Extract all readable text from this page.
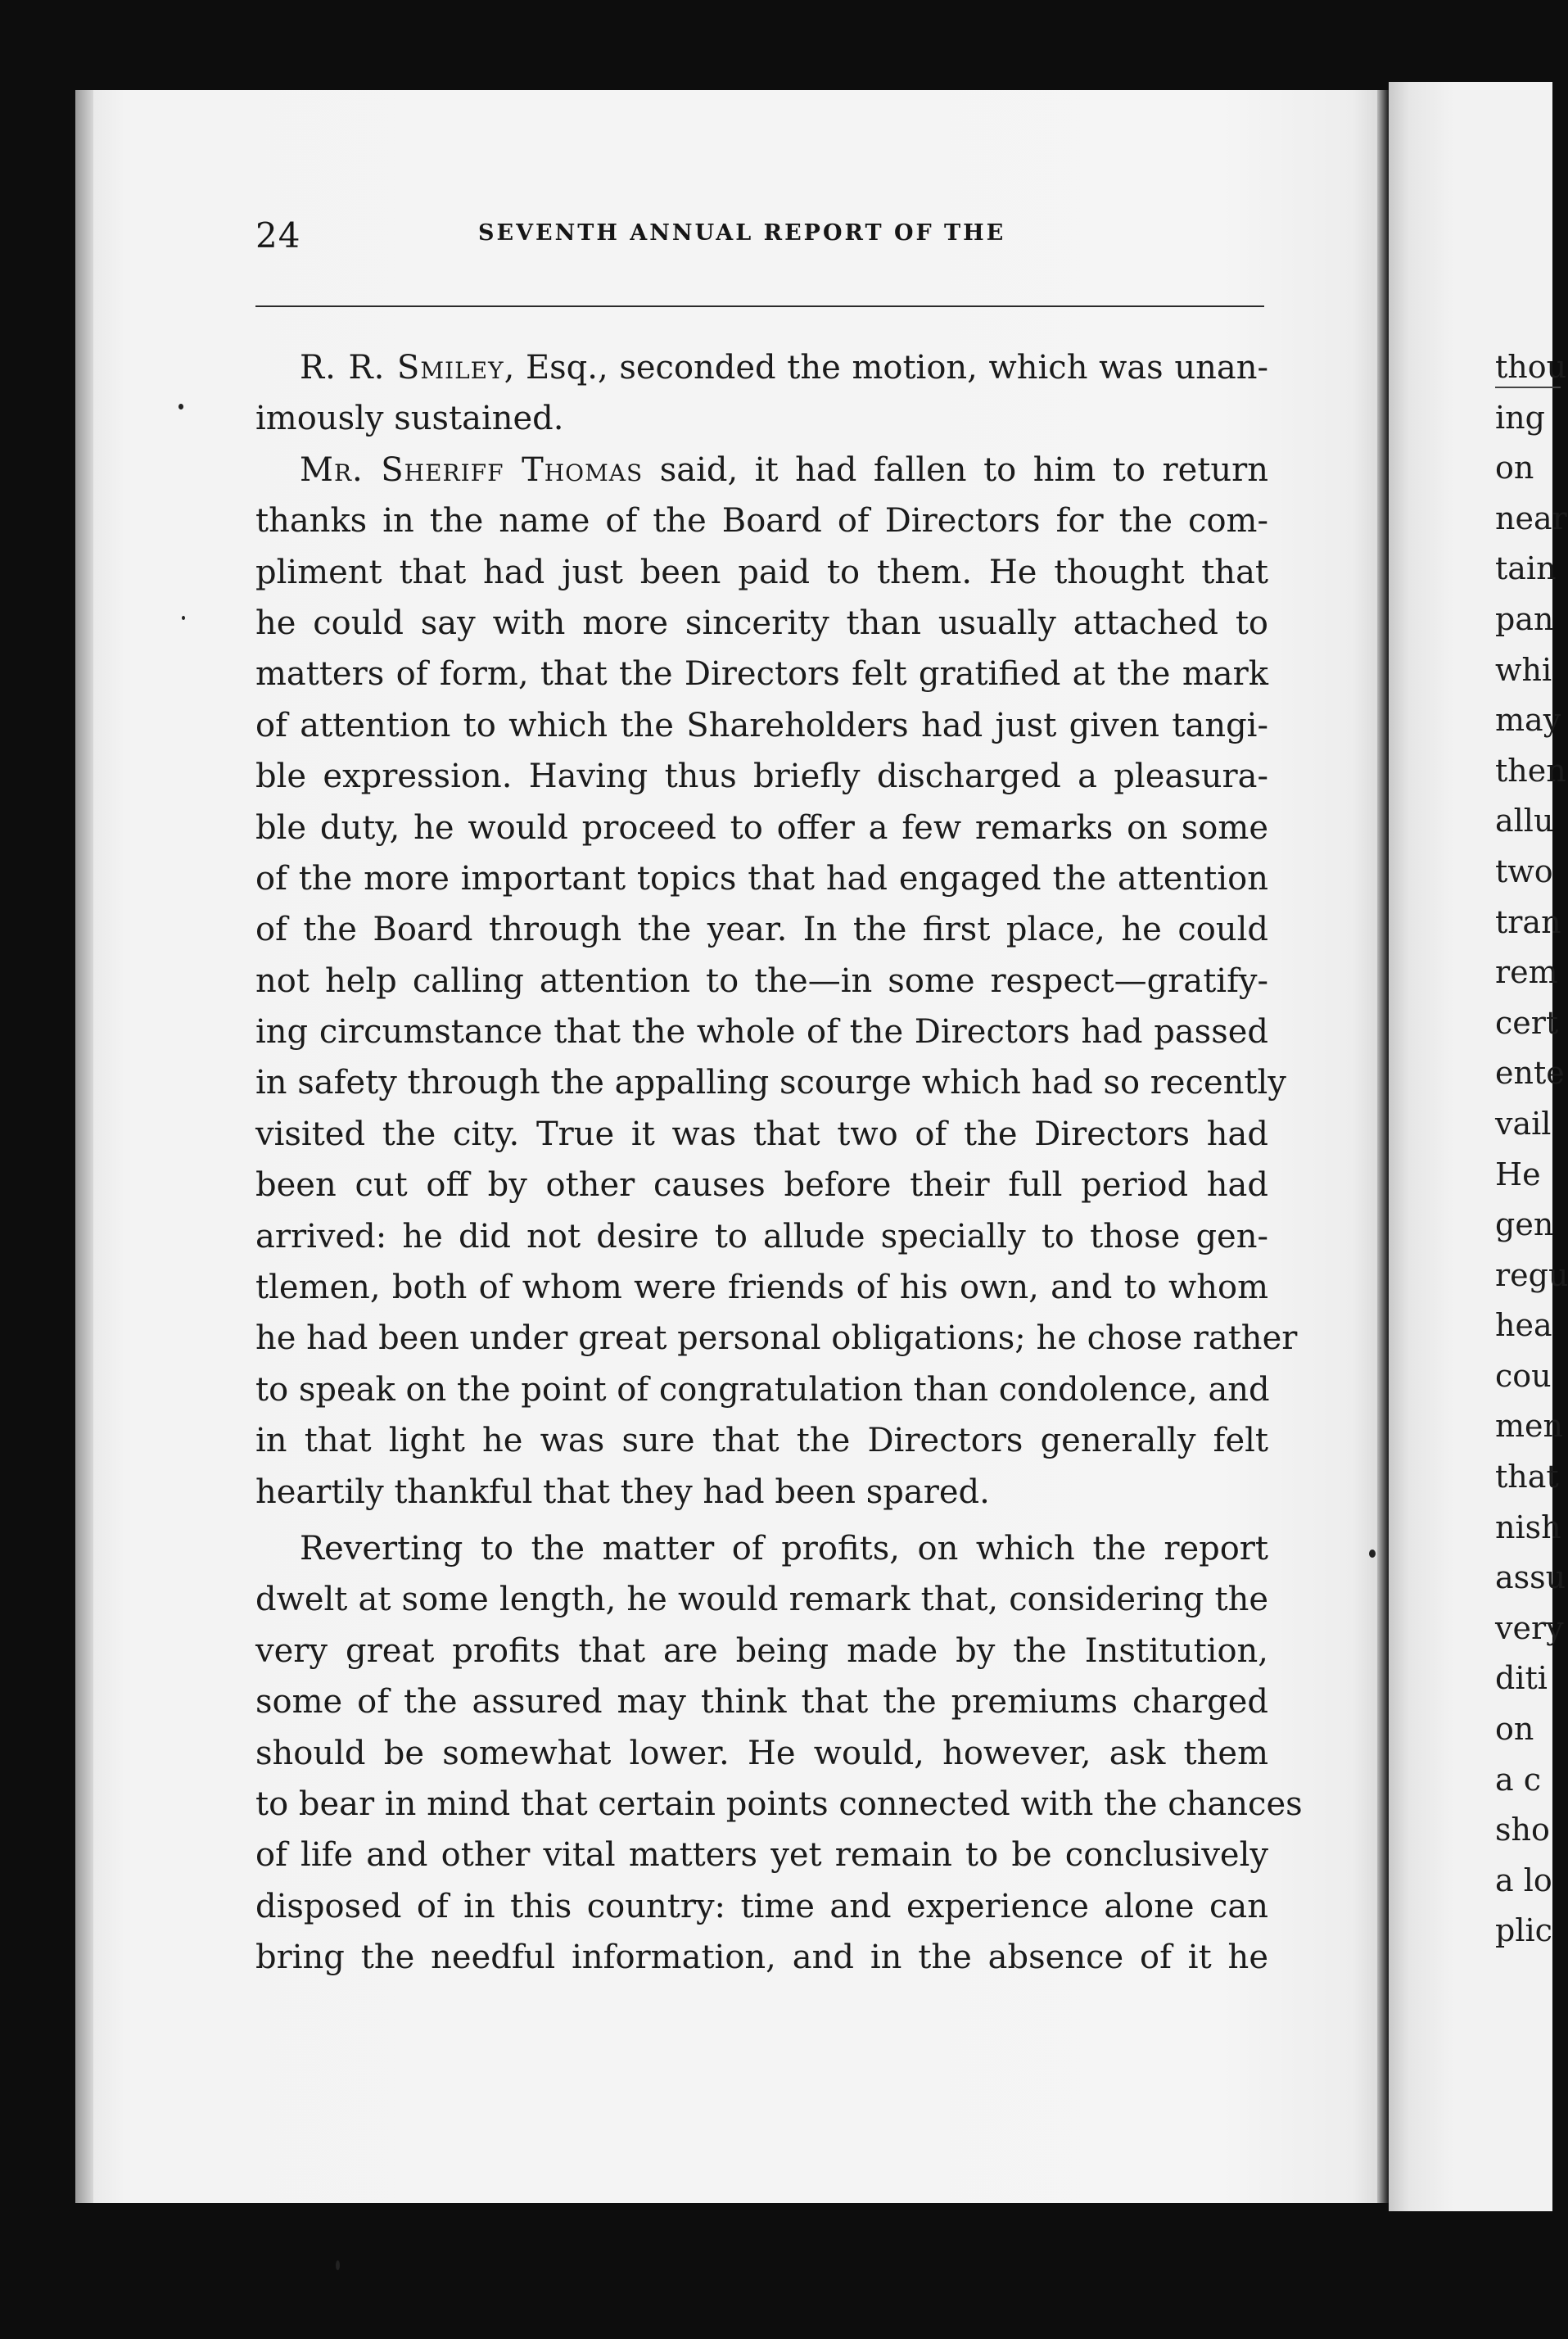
thou
ing
on
near
tain
pan
whi
may
then
allu
two
tran
rem
cert
ente
vail
He
gen
regu
hea
cou
men
that
nish
assu
very
diti
on
a c
sho
a lo
plic
24	SEVENTH ANNUAL REPORT OF THE
R. R. Smiley, Esq., seconded the motion, which was unan-
imously sustained.
Mr. Sheriff Thomas said, it had fallen to him to return
thanks in the name of the Board of Directors for the com-
pliment that had just been paid to them. He thought that
he could say with more sincerity than usually attached to
matters of form, that the Directors felt gratified at the mark
of attention to which the Shareholders had just given tangi-
ble expression. Having thus briefly discharged a pleasura-
ble duty, he would proceed to offer a few remarks on some
of the more important topics that had engaged the attention
of the Board through the year. In the first place, he could
not help calling attention to the—in some respect—gratify-
ing circumstance that the whole of the Directors had passed
in safety through the appalling scourge which had so recently
visited the city. True it was that two of the Directors had
been cut off by other causes before their full period had
arrived: he did not desire to allude specially to those gen-
tlemen, both of whom were friends of his own, and to whom
he had been under great personal obligations; he chose rather
to speak on the point of congratulation than condolence, and
in that light he was sure that the Directors generally felt
heartily thankful that they had been spared.
Reverting to the matter of profits, on which the report
dwelt at some length, he would remark that, considering the
very great profits that are being made by the Institution,
some of the assured may think that the premiums charged
should be somewhat lower. He would, however, ask them
to bear in mind that certain points connected with the chances
of life and other vital matters yet remain to be conclusively
disposed of in this country: time and experience alone can
bring the needful information, and in the absence of it he
